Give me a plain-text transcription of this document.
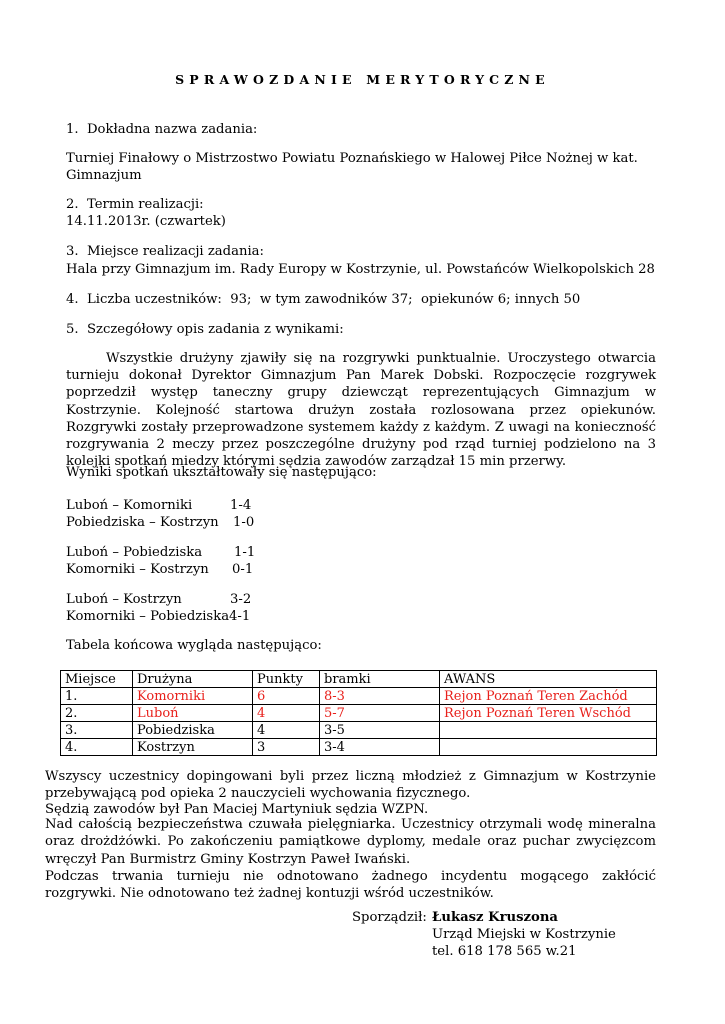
SPRAWOZDANIE MERYTORYCZNE
1.  Dokładna nazwa zadania:
Turniej Finałowy o Mistrzostwo Powiatu Poznańskiego w Halowej Piłce Nożnej w kat.
Gimnazjum
2.  Termin realizacji:
14.11.2013r. (czwartek)
3.  Miejsce realizacji zadania:
Hala przy Gimnazjum im. Rady Europy w Kostrzynie, ul. Powstańców Wielkopolskich 28
4.  Liczba uczestników:  93;  w tym zawodników 37;  opiekunów 6; innych 50
5.  Szczegółowy opis zadania z wynikami:
Wszystkie drużyny zjawiły się na rozgrywki punktualnie. Uroczystego otwarcia turnieju dokonał Dyrektor Gimnazjum Pan Marek Dobski. Rozpoczęcie rozgrywek poprzedził występ taneczny grupy dziewcząt reprezentujących Gimnazjum w Kostrzynie. Kolejność startowa drużyn została rozlosowana przez opiekunów. Rozgrywki zostały przeprowadzone systemem każdy z każdym. Z uwagi na konieczność rozgrywania 2 meczy przez poszczególne drużyny pod rząd turniej podzielono na 3 kolejki spotkań miedzy którymi sędzia zawodów zarządzał 15 min przerwy.
Wyniki spotkań ukształtowały się następująco:
Luboń – Komorniki	1-4
Pobiedziska – Kostrzyn 1-0
Luboń – Pobiedziska 1-1
Komorniki – Kostrzyn 0-1
Luboń – Kostrzyn	3-2
Komorniki – Pobiedziska 4-1
Tabela końcowa wygląda następująco:
Miejsce	Drużyna	Punkty	bramki	AWANS
1.	Komorniki	6	8-3	Rejon Poznań Teren Zachód
2.	Luboń	4	5-7	Rejon Poznań Teren Wschód
3.	Pobiedziska	4	3-5	
4.	Kostrzyn	3	3-4	
Wszyscy uczestnicy dopingowani byli przez liczną młodzież z Gimnazjum w Kostrzynie przebywającą pod opieka 2 nauczycieli wychowania fizycznego.
Sędzią zawodów był Pan Maciej Martyniuk sędzia WZPN.
Nad całością bezpieczeństwa czuwała pielęgniarka. Uczestnicy otrzymali wodę mineralna oraz drożdżówki. Po zakończeniu pamiątkowe dyplomy, medale oraz puchar zwycięzcom wręczył Pan Burmistrz Gminy Kostrzyn Paweł Iwański.
Podczas trwania turnieju nie odnotowano żadnego incydentu mogącego zakłócić rozgrywki. Nie odnotowano też żadnej kontuzji wśród uczestników.
Sporządził: Łukasz Kruszona
Urząd Miejski w Kostrzynie
tel. 618 178 565 w.21
